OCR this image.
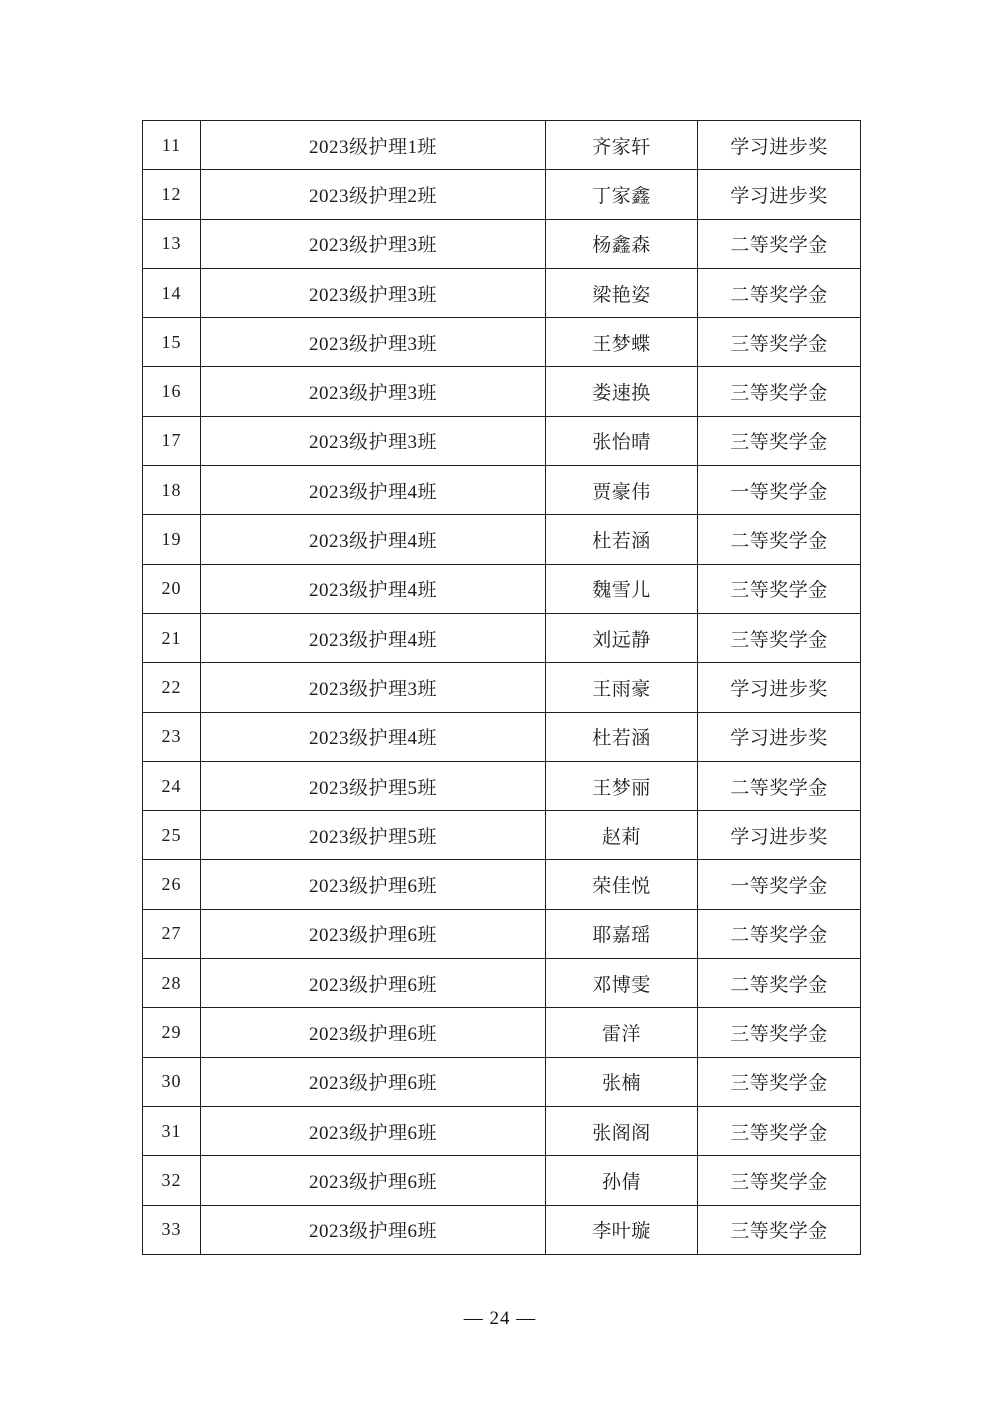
11	2023级护理1班	齐家轩	学习进步奖
12	2023级护理2班	丁家鑫	学习进步奖
13	2023级护理3班	杨鑫森	二等奖学金
14	2023级护理3班	梁艳姿	二等奖学金
15	2023级护理3班	王梦蝶	三等奖学金
16	2023级护理3班	娄速换	三等奖学金
17	2023级护理3班	张怡晴	三等奖学金
18	2023级护理4班	贾豪伟	一等奖学金
19	2023级护理4班	杜若涵	二等奖学金
20	2023级护理4班	魏雪儿	三等奖学金
21	2023级护理4班	刘远静	三等奖学金
22	2023级护理3班	王雨豪	学习进步奖
23	2023级护理4班	杜若涵	学习进步奖
24	2023级护理5班	王梦丽	二等奖学金
25	2023级护理5班	赵莉	学习进步奖
26	2023级护理6班	荣佳悦	一等奖学金
27	2023级护理6班	耶嘉瑶	二等奖学金
28	2023级护理6班	邓博雯	二等奖学金
29	2023级护理6班	雷洋	三等奖学金
30	2023级护理6班	张楠	三等奖学金
31	2023级护理6班	张阁阁	三等奖学金
32	2023级护理6班	孙倩	三等奖学金
33	2023级护理6班	李叶璇	三等奖学金
— 24 —
